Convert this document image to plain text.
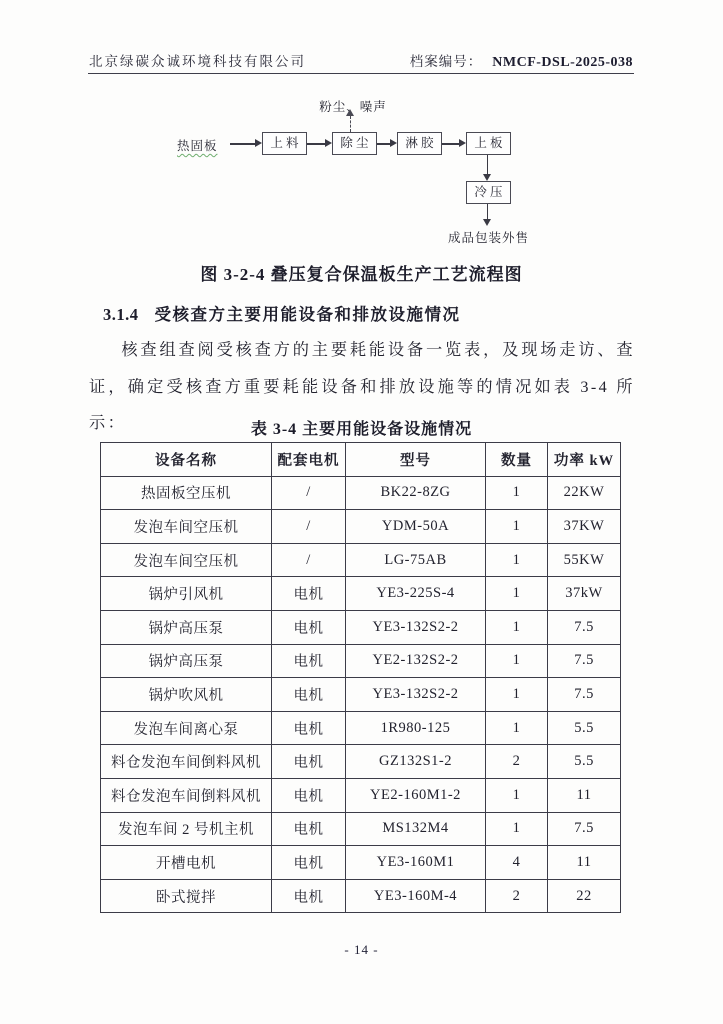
北京绿碳众诚环境科技有限公司	档案编号： NMCF-DSL-2025-038
粉尘、噪声
热固板	上 料	除 尘	淋 胶	上 板
冷 压
成品包装外售
图 3-2-4 叠压复合保温板生产工艺流程图
3.1.4 受核查方主要用能设备和排放设施情况
核查组查阅受核查方的主要耗能设备一览表，及现场走访、查证，确定受核查方重要耗能设备和排放设施等的情况如表 3-4 所示：	表 3-4 主要用能设备设施情况
设备名称	配套电机	型号	数量	功率 kW
热固板空压机	/	BK22-8ZG	1	22KW
发泡车间空压机	/	YDM-50A	1	37KW
发泡车间空压机	/	LG-75AB	1	55KW
锅炉引风机	电机	YE3-225S-4	1	37kW
锅炉高压泵	电机	YE3-132S2-2	1	7.5
锅炉高压泵	电机	YE2-132S2-2	1	7.5
锅炉吹风机	电机	YE3-132S2-2	1	7.5
发泡车间离心泵	电机	1R980-125	1	5.5
料仓发泡车间倒料风机	电机	GZ132S1-2	2	5.5
料仓发泡车间倒料风机	电机	YE2-160M1-2	1	11
发泡车间 2 号机主机	电机	MS132M4	1	7.5
开槽电机	电机	YE3-160M1	4	11
卧式搅拌	电机	YE3-160M-4	2	22
- 14 -
